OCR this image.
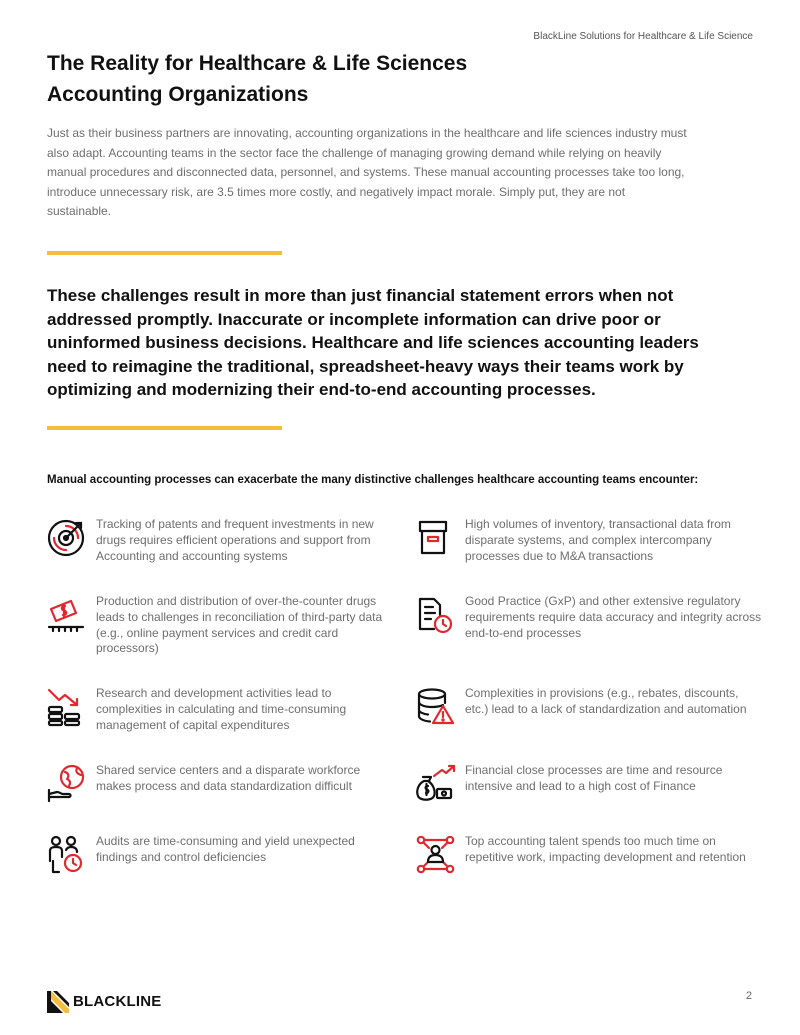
BlackLine Solutions for Healthcare & Life Science
The Reality for Healthcare & Life Sciences
Accounting Organizations

Just as their business partners are innovating, accounting organizations in the healthcare and life sciences industry must also adapt. Accounting teams in the sector face the challenge of managing growing demand while relying on heavily manual procedures and disconnected data, personnel, and systems. These manual accounting processes take too long, introduce unnecessary risk, are 3.5 times more costly, and negatively impact morale. Simply put, they are not sustainable.

These challenges result in more than just financial statement errors when not addressed promptly. Inaccurate or incomplete information can drive poor or uninformed business decisions. Healthcare and life sciences accounting leaders need to reimagine the traditional, spreadsheet-heavy ways their teams work by optimizing and modernizing their end-to-end accounting processes.

Manual accounting processes can exacerbate the many distinctive challenges healthcare accounting teams encounter:

Tracking of patents and frequent investments in new drugs requires efficient operations and support from Accounting and accounting systems
High volumes of inventory, transactional data from disparate systems, and complex intercompany processes due to M&A transactions
Production and distribution of over-the-counter drugs leads to challenges in reconciliation of third-party data (e.g., online payment services and credit card processors)
Good Practice (GxP) and other extensive regulatory requirements require data accuracy and integrity across end-to-end processes
Research and development activities lead to complexities in calculating and time-consuming management of capital expenditures
Complexities in provisions (e.g., rebates, discounts, etc.) lead to a lack of standardization and automation
Shared service centers and a disparate workforce makes process and data standardization difficult
Financial close processes are time and resource intensive and lead to a high cost of Finance
Audits are time-consuming and yield unexpected findings and control deficiencies
Top accounting talent spends too much time on repetitive work, impacting development and retention
BLACKLINE	2
